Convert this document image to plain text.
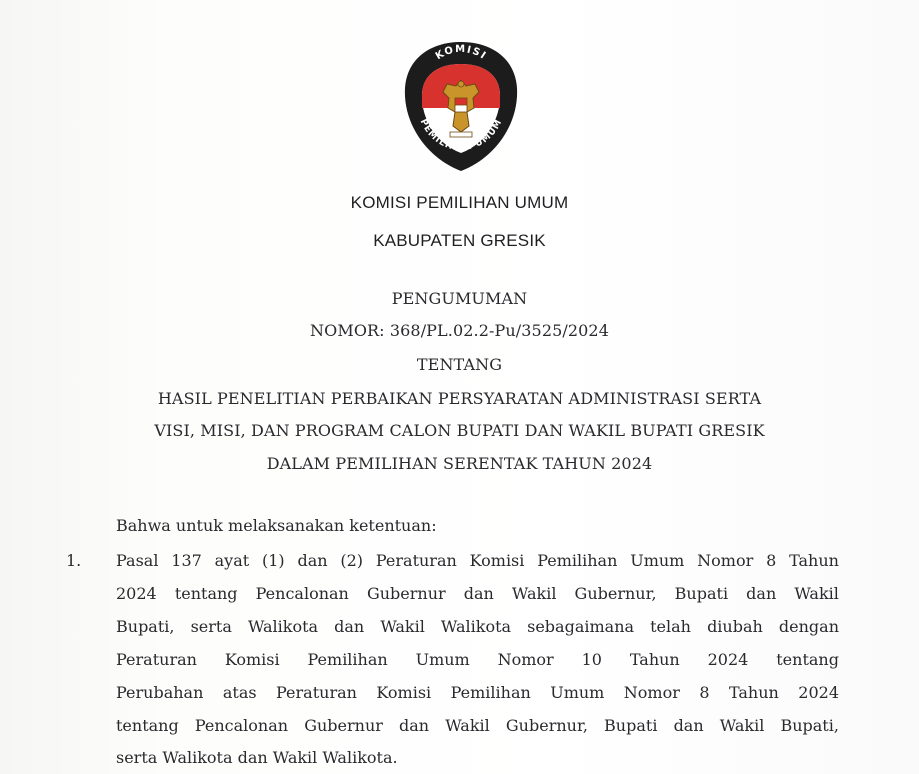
KOMISI
PEMILIHAN UMUM
KOMISI PEMILIHAN UMUM
KABUPATEN GRESIK
PENGUMUMAN
NOMOR: 368/PL.02.2-Pu/3525/2024
TENTANG
HASIL PENELITIAN PERBAIKAN PERSYARATAN ADMINISTRASI SERTA
VISI, MISI, DAN PROGRAM CALON BUPATI DAN WAKIL BUPATI GRESIK
DALAM PEMILIHAN SERENTAK TAHUN 2024
Bahwa untuk melaksanakan ketentuan:
1. Pasal 137 ayat (1) dan (2) Peraturan Komisi Pemilihan Umum Nomor 8 Tahun
2024 tentang Pencalonan Gubernur dan Wakil Gubernur, Bupati dan Wakil
Bupati, serta Walikota dan Wakil Walikota sebagaimana telah diubah dengan
Peraturan Komisi Pemilihan Umum Nomor 10 Tahun 2024 tentang
Perubahan atas Peraturan Komisi Pemilihan Umum Nomor 8 Tahun 2024
tentang Pencalonan Gubernur dan Wakil Gubernur, Bupati dan Wakil Bupati,
serta Walikota dan Wakil Walikota.
